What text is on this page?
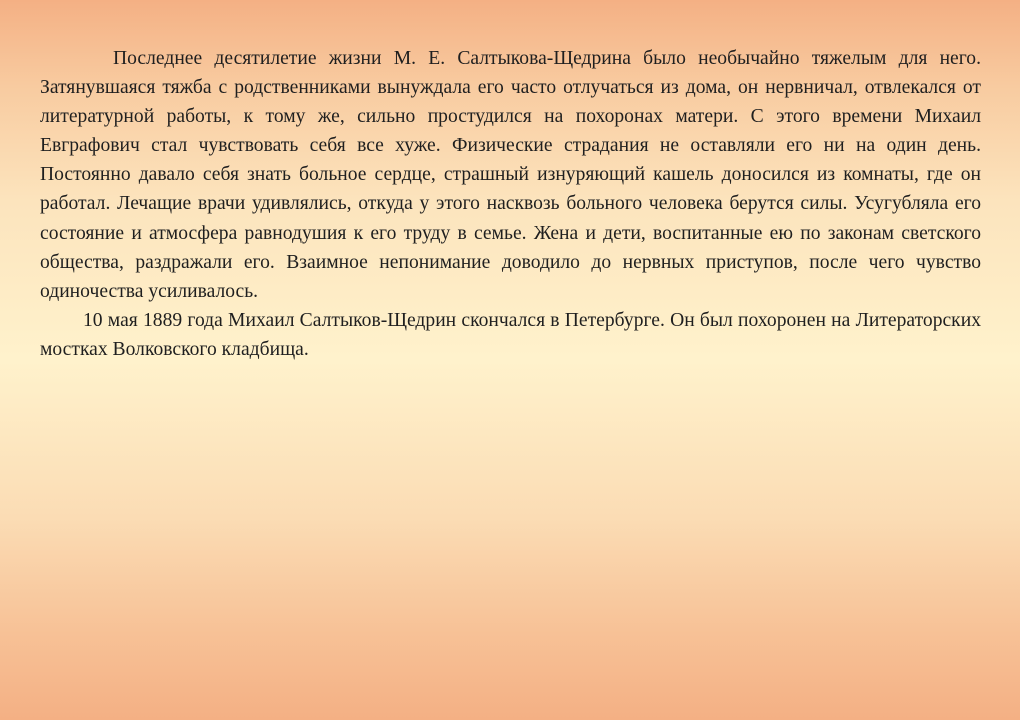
Последнее десятилетие жизни М. Е. Салтыкова-Щедрина было необычайно тяжелым для него. Затянувшаяся тяжба с родственниками вынуждала его часто отлучаться из дома, он нервничал, отвлекался от литературной работы, к тому же, сильно простудился на похоронах матери. С этого времени Михаил Евграфович стал чувствовать себя все хуже. Физические страдания не оставляли его ни на один день. Постоянно давало себя знать больное сердце, страшный изнуряющий кашель доносился из комнаты, где он работал. Лечащие врачи удивлялись, откуда у этого насквозь больного человека берутся силы. Усугубляла его состояние и атмосфера равнодушия к его труду в семье. Жена и дети, воспитанные ею по законам светского общества, раздражали его. Взаимное непонимание доводило до нервных приступов, после чего чувство одиночества усиливалось.

10 мая 1889 года Михаил Салтыков-Щедрин скончался в Петербурге. Он был похоронен на Литераторских мостках Волковского кладбища.
